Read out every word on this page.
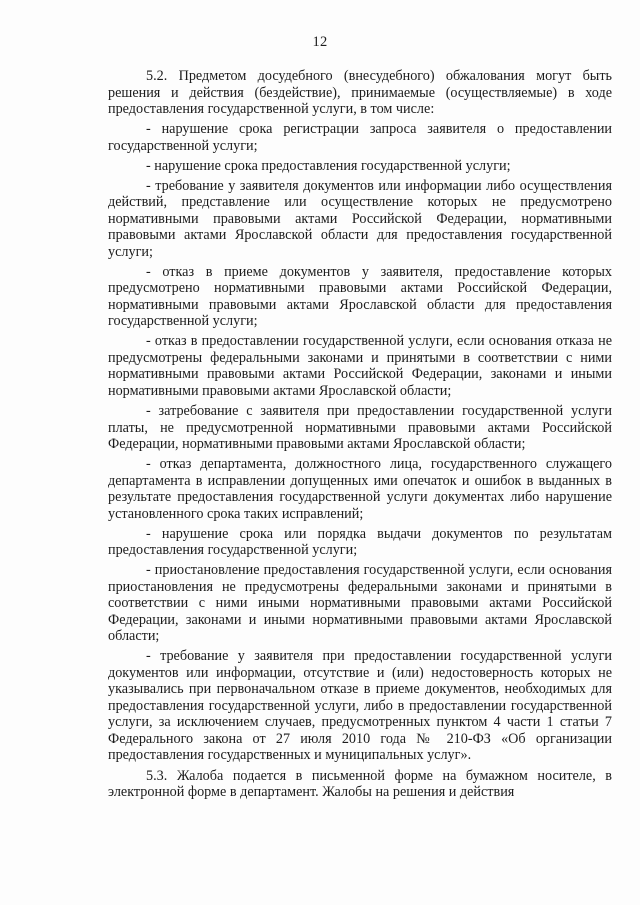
12

5.2. Предметом досудебного (внесудебного) обжалования могут быть решения и действия (бездействие), принимаемые (осуществляемые) в ходе предоставления государственной услуги, в том числе:

- нарушение срока регистрации запроса заявителя о предоставлении государственной услуги;

- нарушение срока предоставления государственной услуги;

- требование у заявителя документов или информации либо осуществления действий, представление или осуществление которых не предусмотрено нормативными правовыми актами Российской Федерации, нормативными правовыми актами Ярославской области для предоставления государственной услуги;

- отказ в приеме документов у заявителя, предоставление которых предусмотрено нормативными правовыми актами Российской Федерации, нормативными правовыми актами Ярославской области для предоставления государственной услуги;

- отказ в предоставлении государственной услуги, если основания отказа не предусмотрены федеральными законами и принятыми в соответствии с ними нормативными правовыми актами Российской Федерации, законами и иными нормативными правовыми актами Ярославской области;

- затребование с заявителя при предоставлении государственной услуги платы, не предусмотренной нормативными правовыми актами Российской Федерации, нормативными правовыми актами Ярославской области;

- отказ департамента, должностного лица, государственного служащего департамента в исправлении допущенных ими опечаток и ошибок в выданных в результате предоставления государственной услуги документах либо нарушение установленного срока таких исправлений;

- нарушение срока или порядка выдачи документов по результатам предоставления государственной услуги;

- приостановление предоставления государственной услуги, если основания приостановления не предусмотрены федеральными законами и принятыми в соответствии с ними иными нормативными правовыми актами Российской Федерации, законами и иными нормативными правовыми актами Ярославской области;

- требование у заявителя при предоставлении государственной услуги документов или информации, отсутствие и (или) недостоверность которых не указывались при первоначальном отказе в приеме документов, необходимых для предоставления государственной услуги, либо в предоставлении государственной услуги, за исключением случаев, предусмотренных пунктом 4 части 1 статьи 7 Федерального закона от 27 июля 2010 года № 210-ФЗ «Об организации предоставления государственных и муниципальных услуг».

5.3. Жалоба подается в письменной форме на бумажном носителе, в электронной форме в департамент. Жалобы на решения и действия
